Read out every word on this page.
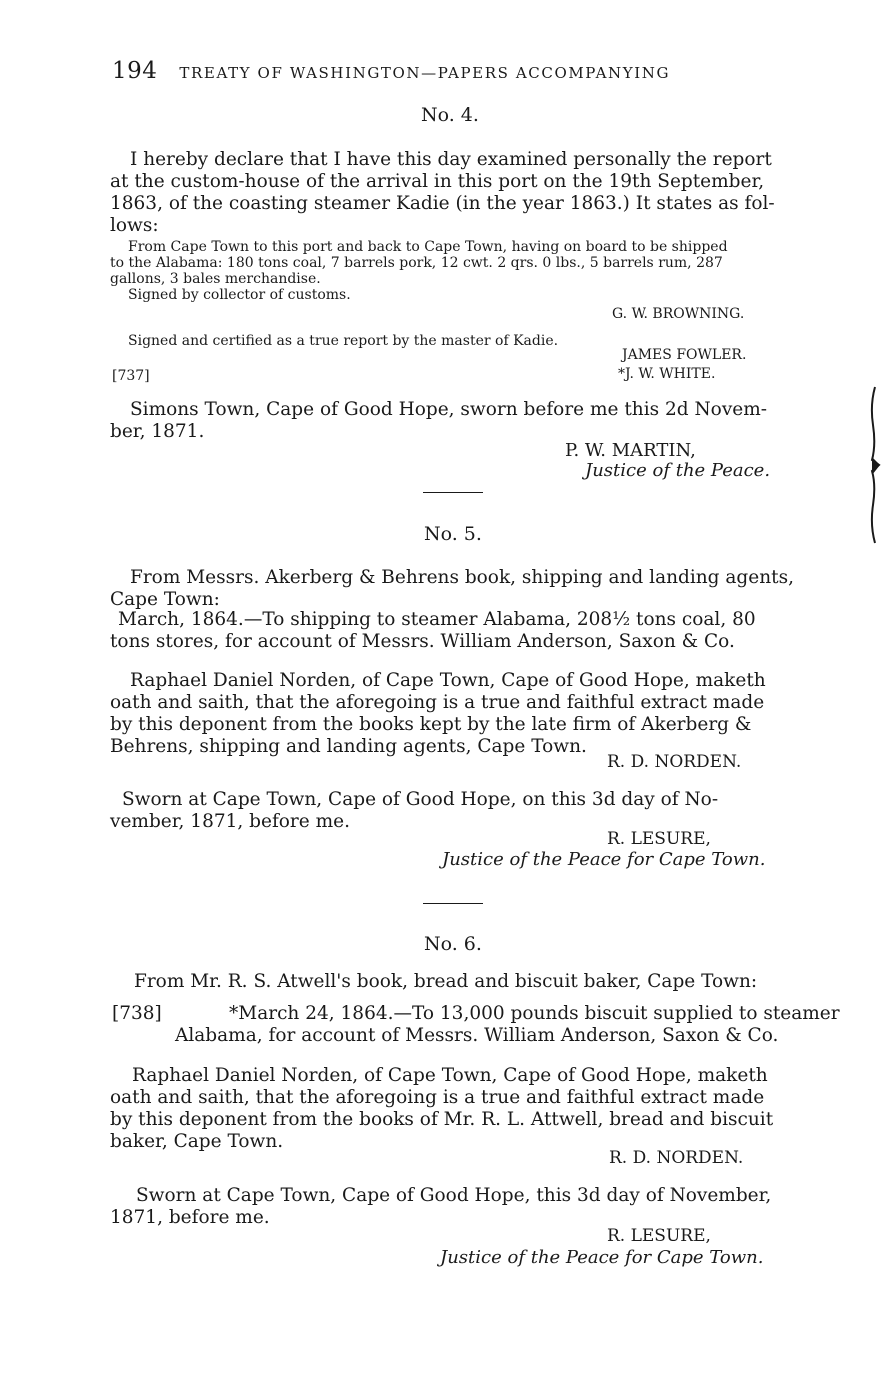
194 TREATY OF WASHINGTON—PAPERS ACCOMPANYING
No. 4.
I hereby declare that I have this day examined personally the report
at the custom-house of the arrival in this port on the 19th September,
1863, of the coasting steamer Kadie (in the year 1863.) It states as fol-
lows:
From Cape Town to this port and back to Cape Town, having on board to be shipped
to the Alabama: 180 tons coal, 7 barrels pork, 12 cwt. 2 qrs. 0 lbs., 5 barrels rum, 287
gallons, 3 bales merchandise.
Signed by collector of customs.
G. W. BROWNING.
Signed and certified as a true report by the master of Kadie.
JAMES FOWLER.
[737]	*J. W. WHITE.
Simons Town, Cape of Good Hope, sworn before me this 2d Novem-
ber, 1871.
P. W. MARTIN,
Justice of the Peace.
No. 5.
From Messrs. Akerberg & Behrens book, shipping and landing agents,
Cape Town:
March, 1864.—To shipping to steamer Alabama, 208½ tons coal, 80
tons stores, for account of Messrs. William Anderson, Saxon & Co.
Raphael Daniel Norden, of Cape Town, Cape of Good Hope, maketh
oath and saith, that the aforegoing is a true and faithful extract made
by this deponent from the books kept by the late firm of Akerberg &
Behrens, shipping and landing agents, Cape Town.
R. D. NORDEN.
Sworn at Cape Town, Cape of Good Hope, on this 3d day of No-
vember, 1871, before me.
R. LESURE,
Justice of the Peace for Cape Town.
No. 6.
From Mr. R. S. Atwell's book, bread and biscuit baker, Cape Town:
[738]	*March 24, 1864.—To 13,000 pounds biscuit supplied to steamer
Alabama, for account of Messrs. William Anderson, Saxon & Co.
Raphael Daniel Norden, of Cape Town, Cape of Good Hope, maketh
oath and saith, that the aforegoing is a true and faithful extract made
by this deponent from the books of Mr. R. L. Attwell, bread and biscuit
baker, Cape Town.
R. D. NORDEN.
Sworn at Cape Town, Cape of Good Hope, this 3d day of November,
1871, before me.
R. LESURE,
Justice of the Peace for Cape Town.
